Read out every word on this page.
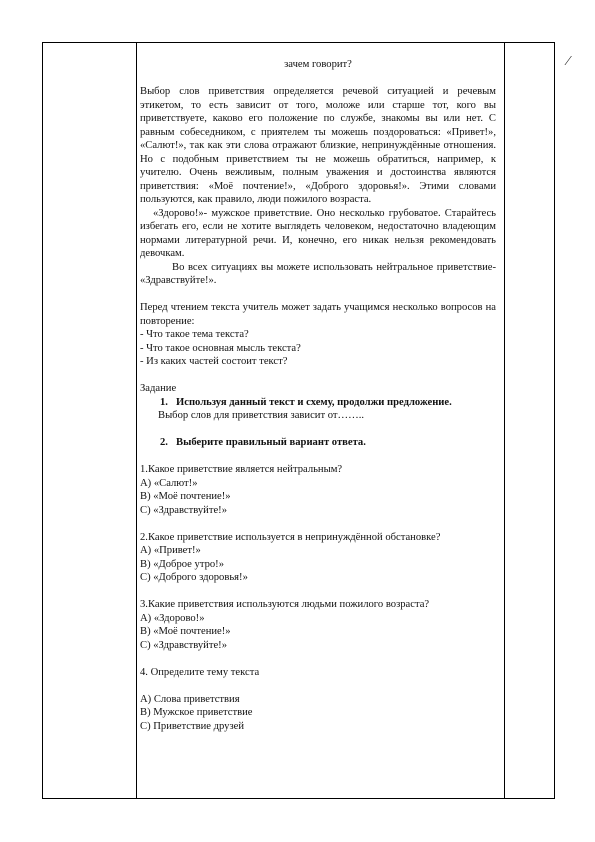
⁄

зачем говорит?

Выбор слов приветствия определяется речевой ситуацией и речевым этикетом, то есть зависит от того, моложе или старше тот, кого вы приветствуете, каково его положение по службе, знакомы вы или нет. С равным собеседником, с приятелем ты можешь поздороваться: «Привет!», «Салют!», так как эти слова отражают близкие, непринуждённые отношения. Но с подобным приветствием ты не можешь обратиться, например, к учителю. Очень вежливым, полным уважения и достоинства являются приветствия: «Моё почтение!», «Доброго здоровья!». Этими словами пользуются, как правило, люди пожилого возраста.

«Здорово!»- мужское приветствие. Оно несколько грубоватое. Старайтесь избегать его, если не хотите выглядеть человеком, недостаточно владеющим нормами литературной речи. И, конечно, его никак нельзя рекомендовать девочкам.

Во всех ситуациях вы можете использовать нейтральное приветствие- «Здравствуйте!».

Перед чтением текста учитель может задать учащимся несколько вопросов на повторение:

- Что такое тема текста?

- Что такое основная мысль текста?

- Из каких частей состоит текст?

Задание

1. Используя данный текст и схему, продолжи предложение.

Выбор слов для приветствия зависит от……..

2. Выберите правильный вариант ответа.

1.Какое приветствие является нейтральным?

А) «Салют!»

В) «Моё почтение!»

С) «Здравствуйте!»

2.Какое приветствие используется в непринуждённой обстановке?

А) «Привет!»

В) «Доброе утро!»

С) «Доброго здоровья!»

3.Какие приветствия используются людьми пожилого возраста?

А) «Здорово!»

В) «Моё почтение!»

С) «Здравствуйте!»

4. Определите тему текста

А) Слова приветствия

В) Мужское приветствие

С) Приветствие друзей
